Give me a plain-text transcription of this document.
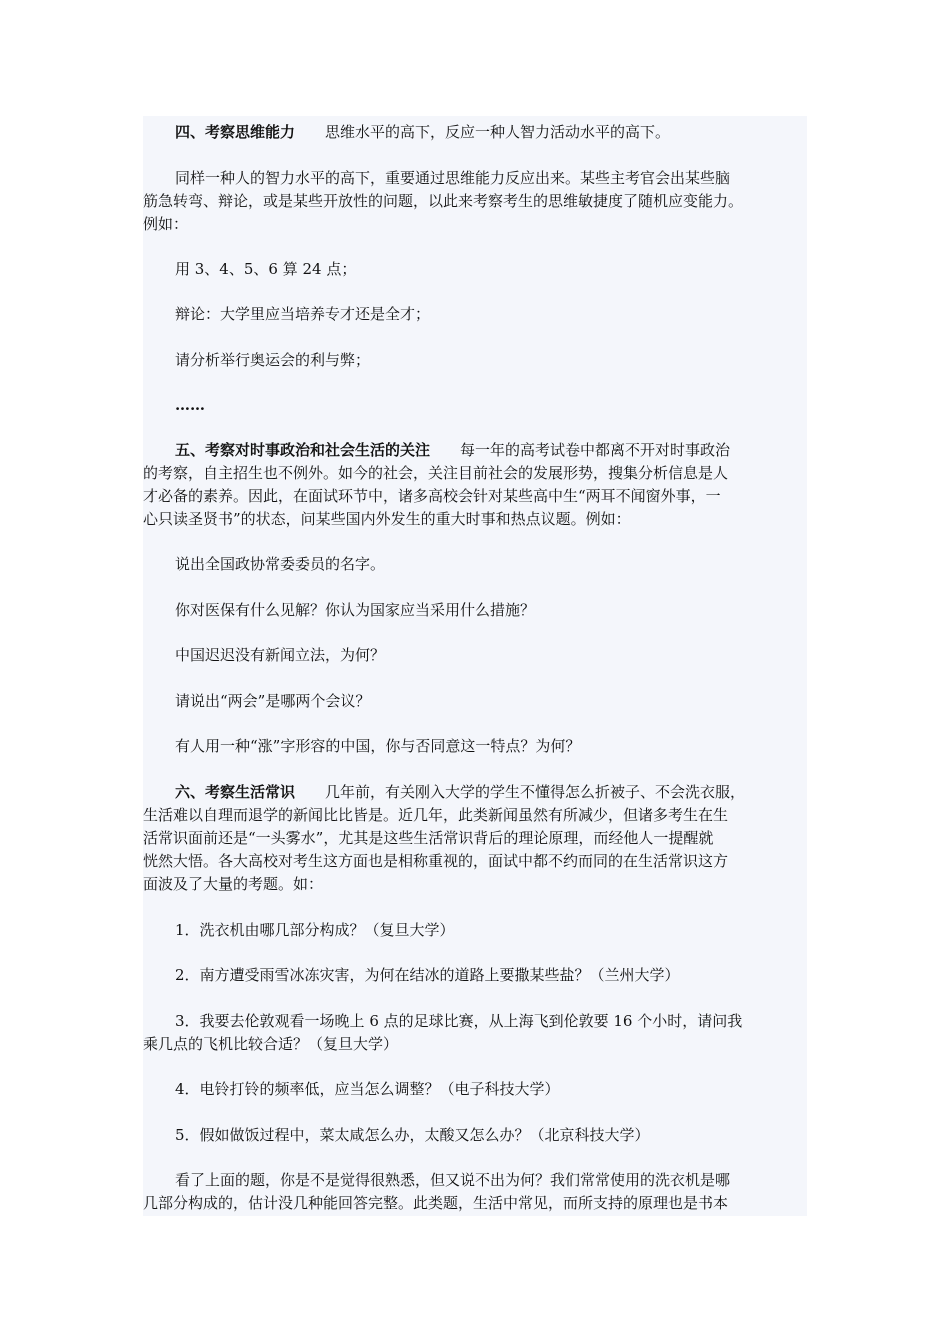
四、考察思维能力 思维水平的高下，反应一种人智力活动水平的高下。
同样一种人的智力水平的高下，重要通过思维能力反应出来。某些主考官会出某些脑
筋急转弯、辩论，或是某些开放性的问题，以此来考察考生的思维敏捷度了随机应变能力。
例如：
用 3、4、5、6 算 24 点；
辩论：大学里应当培养专才还是全才；
请分析举行奥运会的利与弊；
……
五、考察对时事政治和社会生活的关注 每一年的高考试卷中都离不开对时事政治
的考察，自主招生也不例外。如今的社会，关注目前社会的发展形势，搜集分析信息是人
才必备的素养。因此，在面试环节中，诸多高校会针对某些高中生“两耳不闻窗外事，一
心只读圣贤书”的状态，问某些国内外发生的重大时事和热点议题。例如：
说出全国政协常委委员的名字。
你对医保有什么见解？你认为国家应当采用什么措施？
中国迟迟没有新闻立法，为何？
请说出“两会”是哪两个会议？
有人用一种“涨”字形容的中国，你与否同意这一特点？为何？
六、考察生活常识 几年前，有关刚入大学的学生不懂得怎么折被子、不会洗衣服，
生活难以自理而退学的新闻比比皆是。近几年，此类新闻虽然有所减少，但诸多考生在生
活常识面前还是“一头雾水”，尤其是这些生活常识背后的理论原理，而经他人一提醒就
恍然大悟。各大高校对考生这方面也是相称重视的，面试中都不约而同的在生活常识这方
面波及了大量的考题。如：
1．洗衣机由哪几部分构成？（复旦大学）
2．南方遭受雨雪冰冻灾害，为何在结冰的道路上要撒某些盐？（兰州大学）
3．我要去伦敦观看一场晚上 6 点的足球比赛，从上海飞到伦敦要 16 个小时，请问我
乘几点的飞机比较合适？（复旦大学）
4．电铃打铃的频率低，应当怎么调整？（电子科技大学）
5．假如做饭过程中，菜太咸怎么办，太酸又怎么办？（北京科技大学）
看了上面的题，你是不是觉得很熟悉，但又说不出为何？我们常常使用的洗衣机是哪
几部分构成的，估计没几种能回答完整。此类题，生活中常见，而所支持的原理也是书本
